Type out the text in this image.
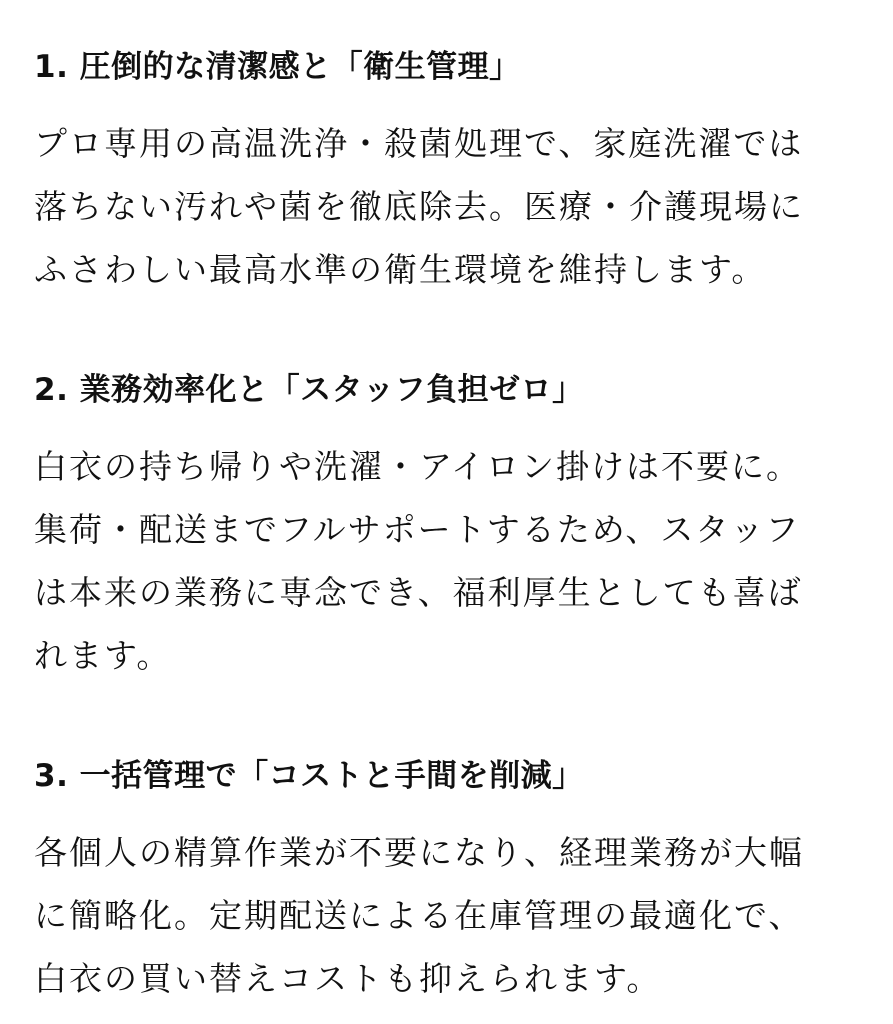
1. 圧倒的な清潔感と「衛生管理」

プロ専用の高温洗浄・殺菌処理で、家庭洗濯では
落ちない汚れや菌を徹底除去。医療・介護現場に
ふさわしい最高水準の衛生環境を維持します。

2. 業務効率化と「スタッフ負担ゼロ」

白衣の持ち帰りや洗濯・アイロン掛けは不要に。
集荷・配送までフルサポートするため、スタッフ
は本来の業務に専念でき、福利厚生としても喜ば
れます。

3. 一括管理で「コストと手間を削減」

各個人の精算作業が不要になり、経理業務が大幅
に簡略化。定期配送による在庫管理の最適化で、
白衣の買い替えコストも抑えられます。
